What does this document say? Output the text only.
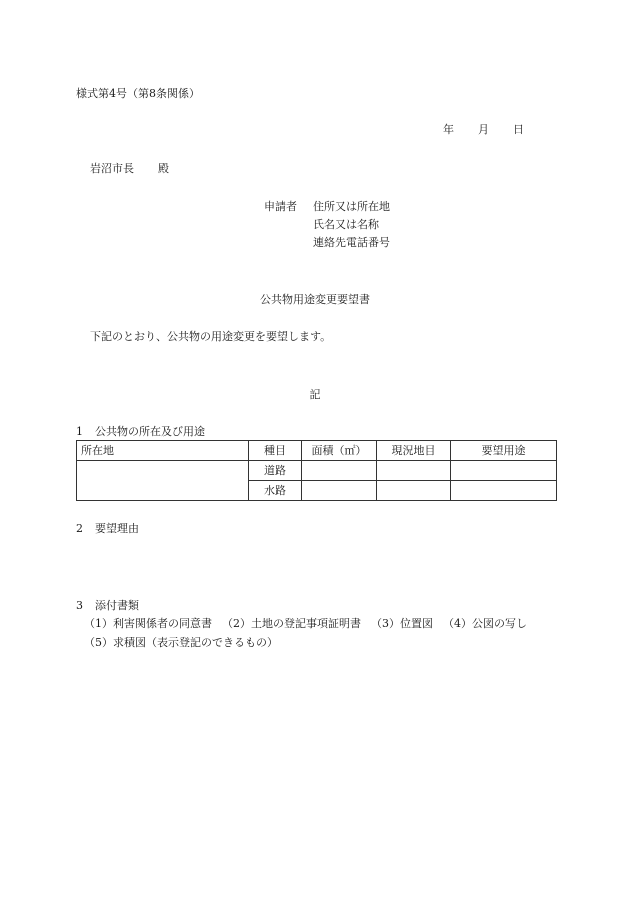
様式第4号（第8条関係）
年 月 日
岩沼市長 殿
申請者 住所又は所在地
氏名又は名称
連絡先電話番号
公共物用途変更要望書
下記のとおり、公共物の用途変更を要望します。
記
1 公共物の所在及び用途
所在地	種目	面積（㎡）	現況地目	要望用途
	道路			
	水路			
2 要望理由
3 添付書類
（1）利害関係者の同意書 （2）土地の登記事項証明書 （3）位置図 （4）公図の写し
（5）求積図（表示登記のできるもの）
